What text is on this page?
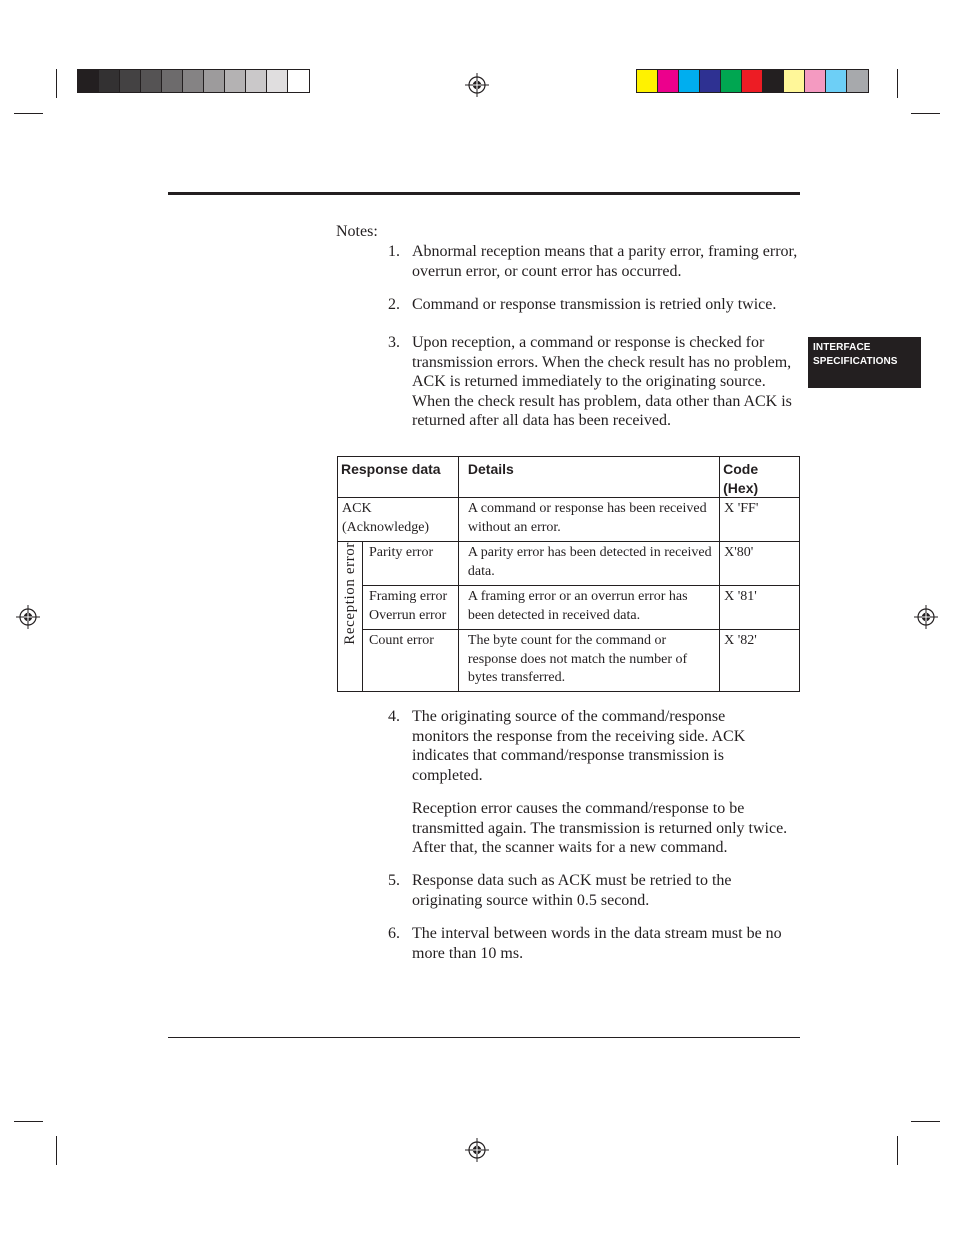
INTERFACE
SPECIFICATIONS
Notes:
1. Abnormal reception means that a parity error, framing error, overrun error, or count error has occurred.
2. Command or response transmission is retried only twice.
3. Upon reception, a command or response is checked for transmission errors. When the check result has no problem, ACK is returned immediately to the originating source. When the check result has problem, data other than ACK is returned after all data has been received.
Response data		Details	Code (Hex)

ACK
(Acknowledge)		A command or response has been received without an error.	X 'FF'

Reception error	Parity error	A parity error has been detected in received data.	X'80'

	Framing error
Overrun error	A framing error or an overrun error has been detected in received data.	X '81'

	Count error	The byte count for the command or response does not match the number of bytes transferred.	X '82'
4. The originating source of the command/response monitors the response from the receiving side. ACK indicates that command/response transmission is completed.
Reception error causes the command/response to be transmitted again. The transmission is returned only twice. After that, the scanner waits for a new command.
5. Response data such as ACK must be retried to the originating source within 0.5 second.
6. The interval between words in the data stream must be no more than 10 ms.
